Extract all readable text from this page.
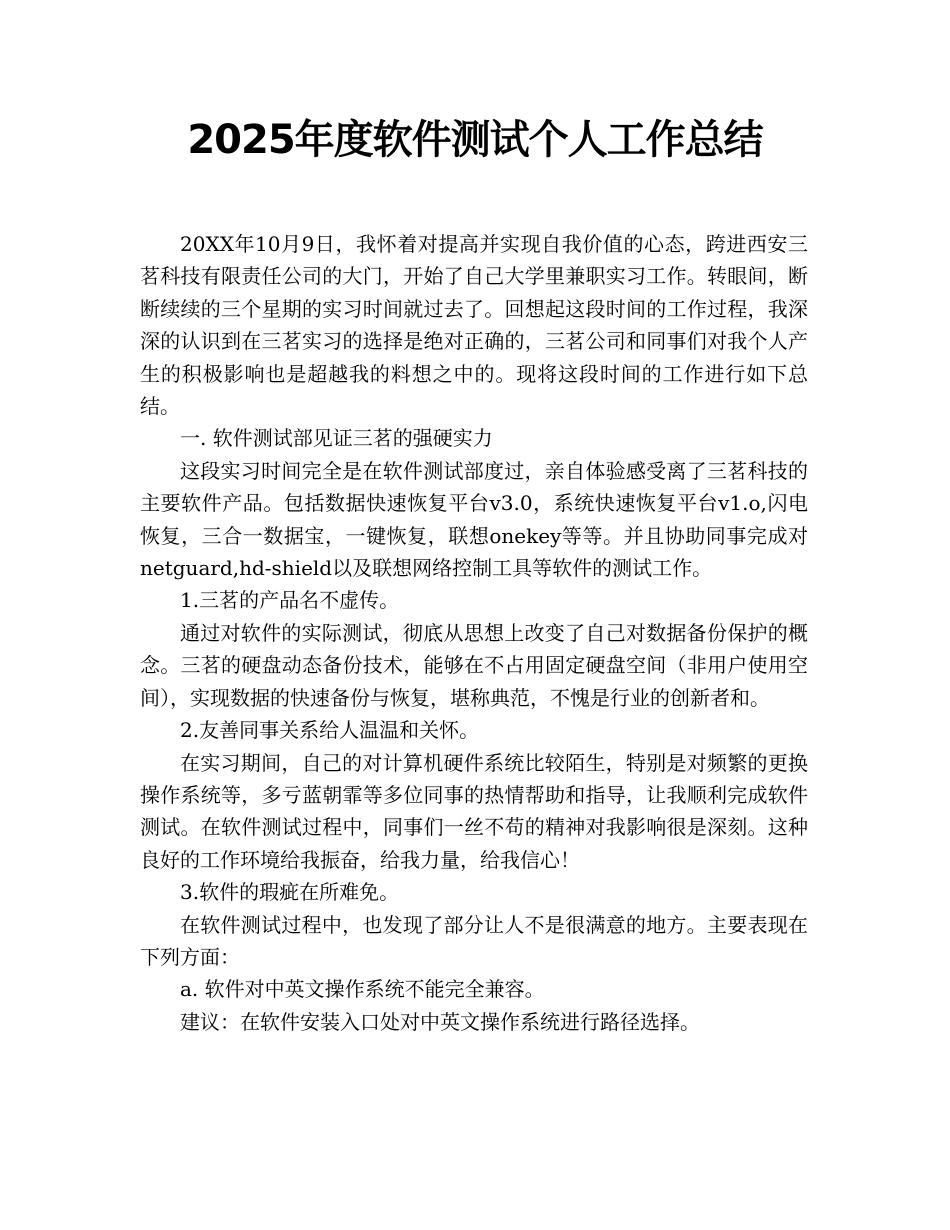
2025年度软件测试个人工作总结

20XX年10月9日，我怀着对提高并实现自我价值的心态，跨进西安三茗科技有限责任公司的大门，开始了自己大学里兼职实习工作。转眼间，断断续续的三个星期的实习时间就过去了。回想起这段时间的工作过程，我深深的认识到在三茗实习的选择是绝对正确的，三茗公司和同事们对我个人产生的积极影响也是超越我的料想之中的。现将这段时间的工作进行如下总结。

一. 软件测试部见证三茗的强硬实力

这段实习时间完全是在软件测试部度过，亲自体验感受离了三茗科技的主要软件产品。包括数据快速恢复平台v3.0，系统快速恢复平台v1.o,闪电恢复，三合一数据宝，一键恢复，联想onekey等等。并且协助同事完成对netguard,hd-shield以及联想网络控制工具等软件的测试工作。

1.三茗的产品名不虚传。

通过对软件的实际测试，彻底从思想上改变了自己对数据备份保护的概念。三茗的硬盘动态备份技术，能够在不占用固定硬盘空间（非用户使用空间），实现数据的快速备份与恢复，堪称典范，不愧是行业的创新者和。

2.友善同事关系给人温温和关怀。

在实习期间，自己的对计算机硬件系统比较陌生，特别是对频繁的更换操作系统等，多亏蓝朝霏等多位同事的热情帮助和指导，让我顺利完成软件测试。在软件测试过程中，同事们一丝不苟的精神对我影响很是深刻。这种良好的工作环境给我振奋，给我力量，给我信心！

3.软件的瑕疵在所难免。

在软件测试过程中，也发现了部分让人不是很满意的地方。主要表现在下列方面：

a. 软件对中英文操作系统不能完全兼容。

建议：在软件安装入口处对中英文操作系统进行路径选择。
